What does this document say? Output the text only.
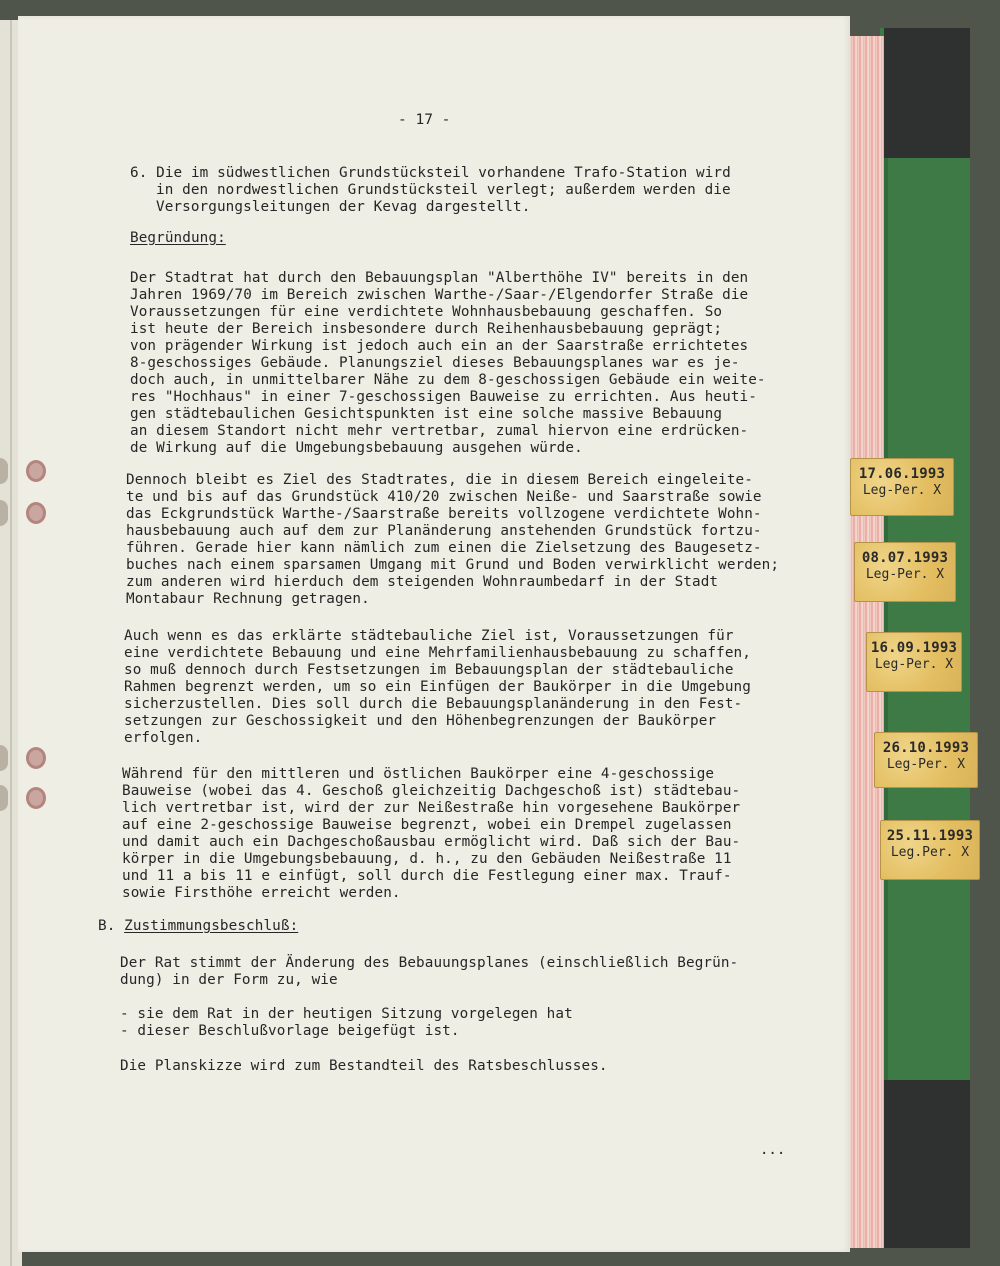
- 17 -
6. Die im südwestlichen Grundstücksteil vorhandene Trafo-Station wird
in den nordwestlichen Grundstücksteil verlegt; außerdem werden die
Versorgungsleitungen der Kevag dargestellt.
Begründung:
Der Stadtrat hat durch den Bebauungsplan "Alberthöhe IV" bereits in den
Jahren 1969/70 im Bereich zwischen Warthe-/Saar-/Elgendorfer Straße die
Voraussetzungen für eine verdichtete Wohnhausbebauung geschaffen. So
ist heute der Bereich insbesondere durch Reihenhausbebauung geprägt;
von prägender Wirkung ist jedoch auch ein an der Saarstraße errichtetes
8-geschossiges Gebäude. Planungsziel dieses Bebauungsplanes war es je-
doch auch, in unmittelbarer Nähe zu dem 8-geschossigen Gebäude ein weite-
res "Hochhaus" in einer 7-geschossigen Bauweise zu errichten. Aus heuti-
gen städtebaulichen Gesichtspunkten ist eine solche massive Bebauung
an diesem Standort nicht mehr vertretbar, zumal hiervon eine erdrücken-
de Wirkung auf die Umgebungsbebauung ausgehen würde.
Dennoch bleibt es Ziel des Stadtrates, die in diesem Bereich eingeleite-
te und bis auf das Grundstück 410/20 zwischen Neiße- und Saarstraße sowie
das Eckgrundstück Warthe-/Saarstraße bereits vollzogene verdichtete Wohn-
hausbebauung auch auf dem zur Planänderung anstehenden Grundstück fortzu-
führen. Gerade hier kann nämlich zum einen die Zielsetzung des Baugesetz-
buches nach einem sparsamen Umgang mit Grund und Boden verwirklicht werden;
zum anderen wird hierduch dem steigenden Wohnraumbedarf in der Stadt
Montabaur Rechnung getragen.
Auch wenn es das erklärte städtebauliche Ziel ist, Voraussetzungen für
eine verdichtete Bebauung und eine Mehrfamilienhausbebauung zu schaffen,
so muß dennoch durch Festsetzungen im Bebauungsplan der städtebauliche
Rahmen begrenzt werden, um so ein Einfügen der Baukörper in die Umgebung
sicherzustellen. Dies soll durch die Bebauungsplanänderung in den Fest-
setzungen zur Geschossigkeit und den Höhenbegrenzungen der Baukörper
erfolgen.
Während für den mittleren und östlichen Baukörper eine 4-geschossige
Bauweise (wobei das 4. Geschoß gleichzeitig Dachgeschoß ist) städtebau-
lich vertretbar ist, wird der zur Neißestraße hin vorgesehene Baukörper
auf eine 2-geschossige Bauweise begrenzt, wobei ein Drempel zugelassen
und damit auch ein Dachgeschoßausbau ermöglicht wird. Daß sich der Bau-
körper in die Umgebungsbebauung, d. h., zu den Gebäuden Neißestraße 11
und 11 a bis 11 e einfügt, soll durch die Festlegung einer max. Trauf-
sowie Firsthöhe erreicht werden.
B. Zustimmungsbeschluß:
Der Rat stimmt der Änderung des Bebauungsplanes (einschließlich Begrün-
dung) in der Form zu, wie
- sie dem Rat in der heutigen Sitzung vorgelegen hat
- dieser Beschlußvorlage beigefügt ist.
Die Planskizze wird zum Bestandteil des Ratsbeschlusses.
...
17.06.1993
Leg-Per. X
08.07.1993
Leg-Per. X
16.09.1993
Leg-Per. X
26.10.1993
Leg-Per. X
25.11.1993
Leg.Per. X
